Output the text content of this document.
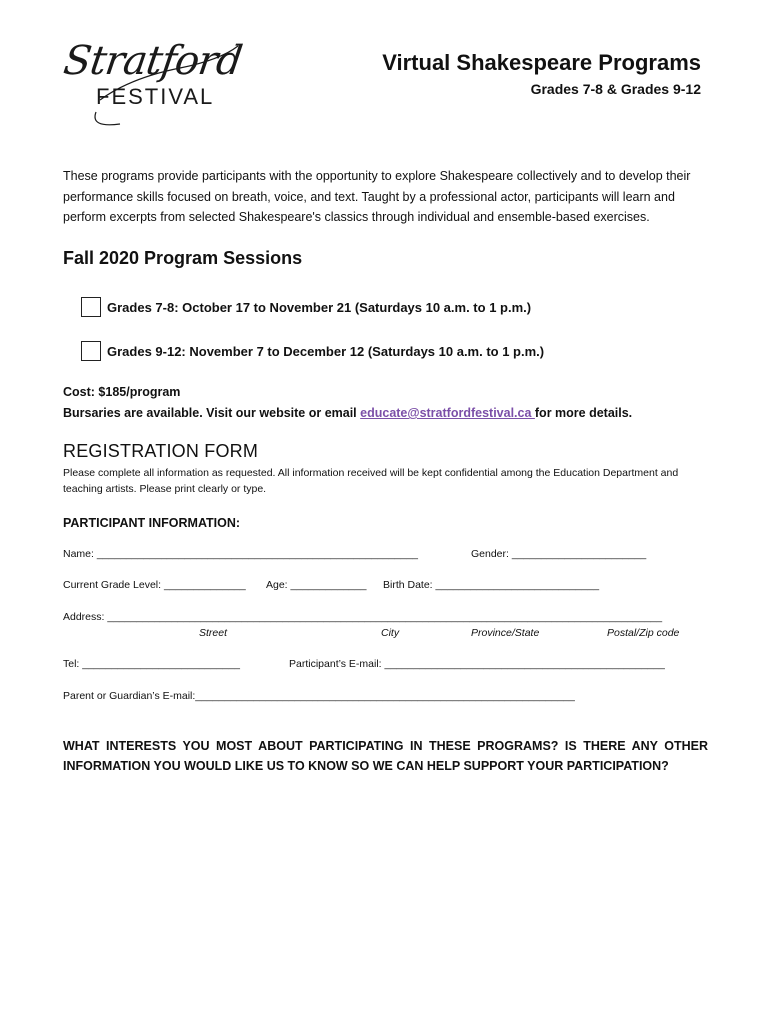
Stratford
FESTIVAL
Virtual Shakespeare Programs
Grades 7-8 & Grades 9-12
These programs provide participants with the opportunity to explore Shakespeare collectively and to develop their performance skills focused on breath, voice, and text. Taught by a professional actor, participants will learn and perform excerpts from selected Shakespeare's classics through individual and ensemble-based exercises.
Fall 2020 Program Sessions
Grades 7-8: October 17 to November 21 (Saturdays 10 a.m. to 1 p.m.)
Grades 9-12: November 7 to December 12 (Saturdays 10 a.m. to 1 p.m.)
Cost: $185/program
Bursaries are available. Visit our website or email educate@stratfordfestival.ca for more details.
REGISTRATION FORM
Please complete all information as requested. All information received will be kept confidential among the Education Department and teaching artists. Please print clearly or type.
PARTICIPANT INFORMATION:
Name: _______________________________________________________	Gender: _______________________
Current Grade Level: ______________ Age: _____________ Birth Date: ____________________________
Address: _______________________________________________________________________________________________
Street	City	Province/State	Postal/Zip code
Tel: ___________________________	Participant’s E-mail: ________________________________________________
Parent or Guardian’s E-mail:_________________________________________________________________
WHAT INTERESTS YOU MOST ABOUT PARTICIPATING IN THESE PROGRAMS? IS THERE ANY OTHER INFORMATION YOU WOULD LIKE US TO KNOW SO WE CAN HELP SUPPORT YOUR PARTICIPATION?
